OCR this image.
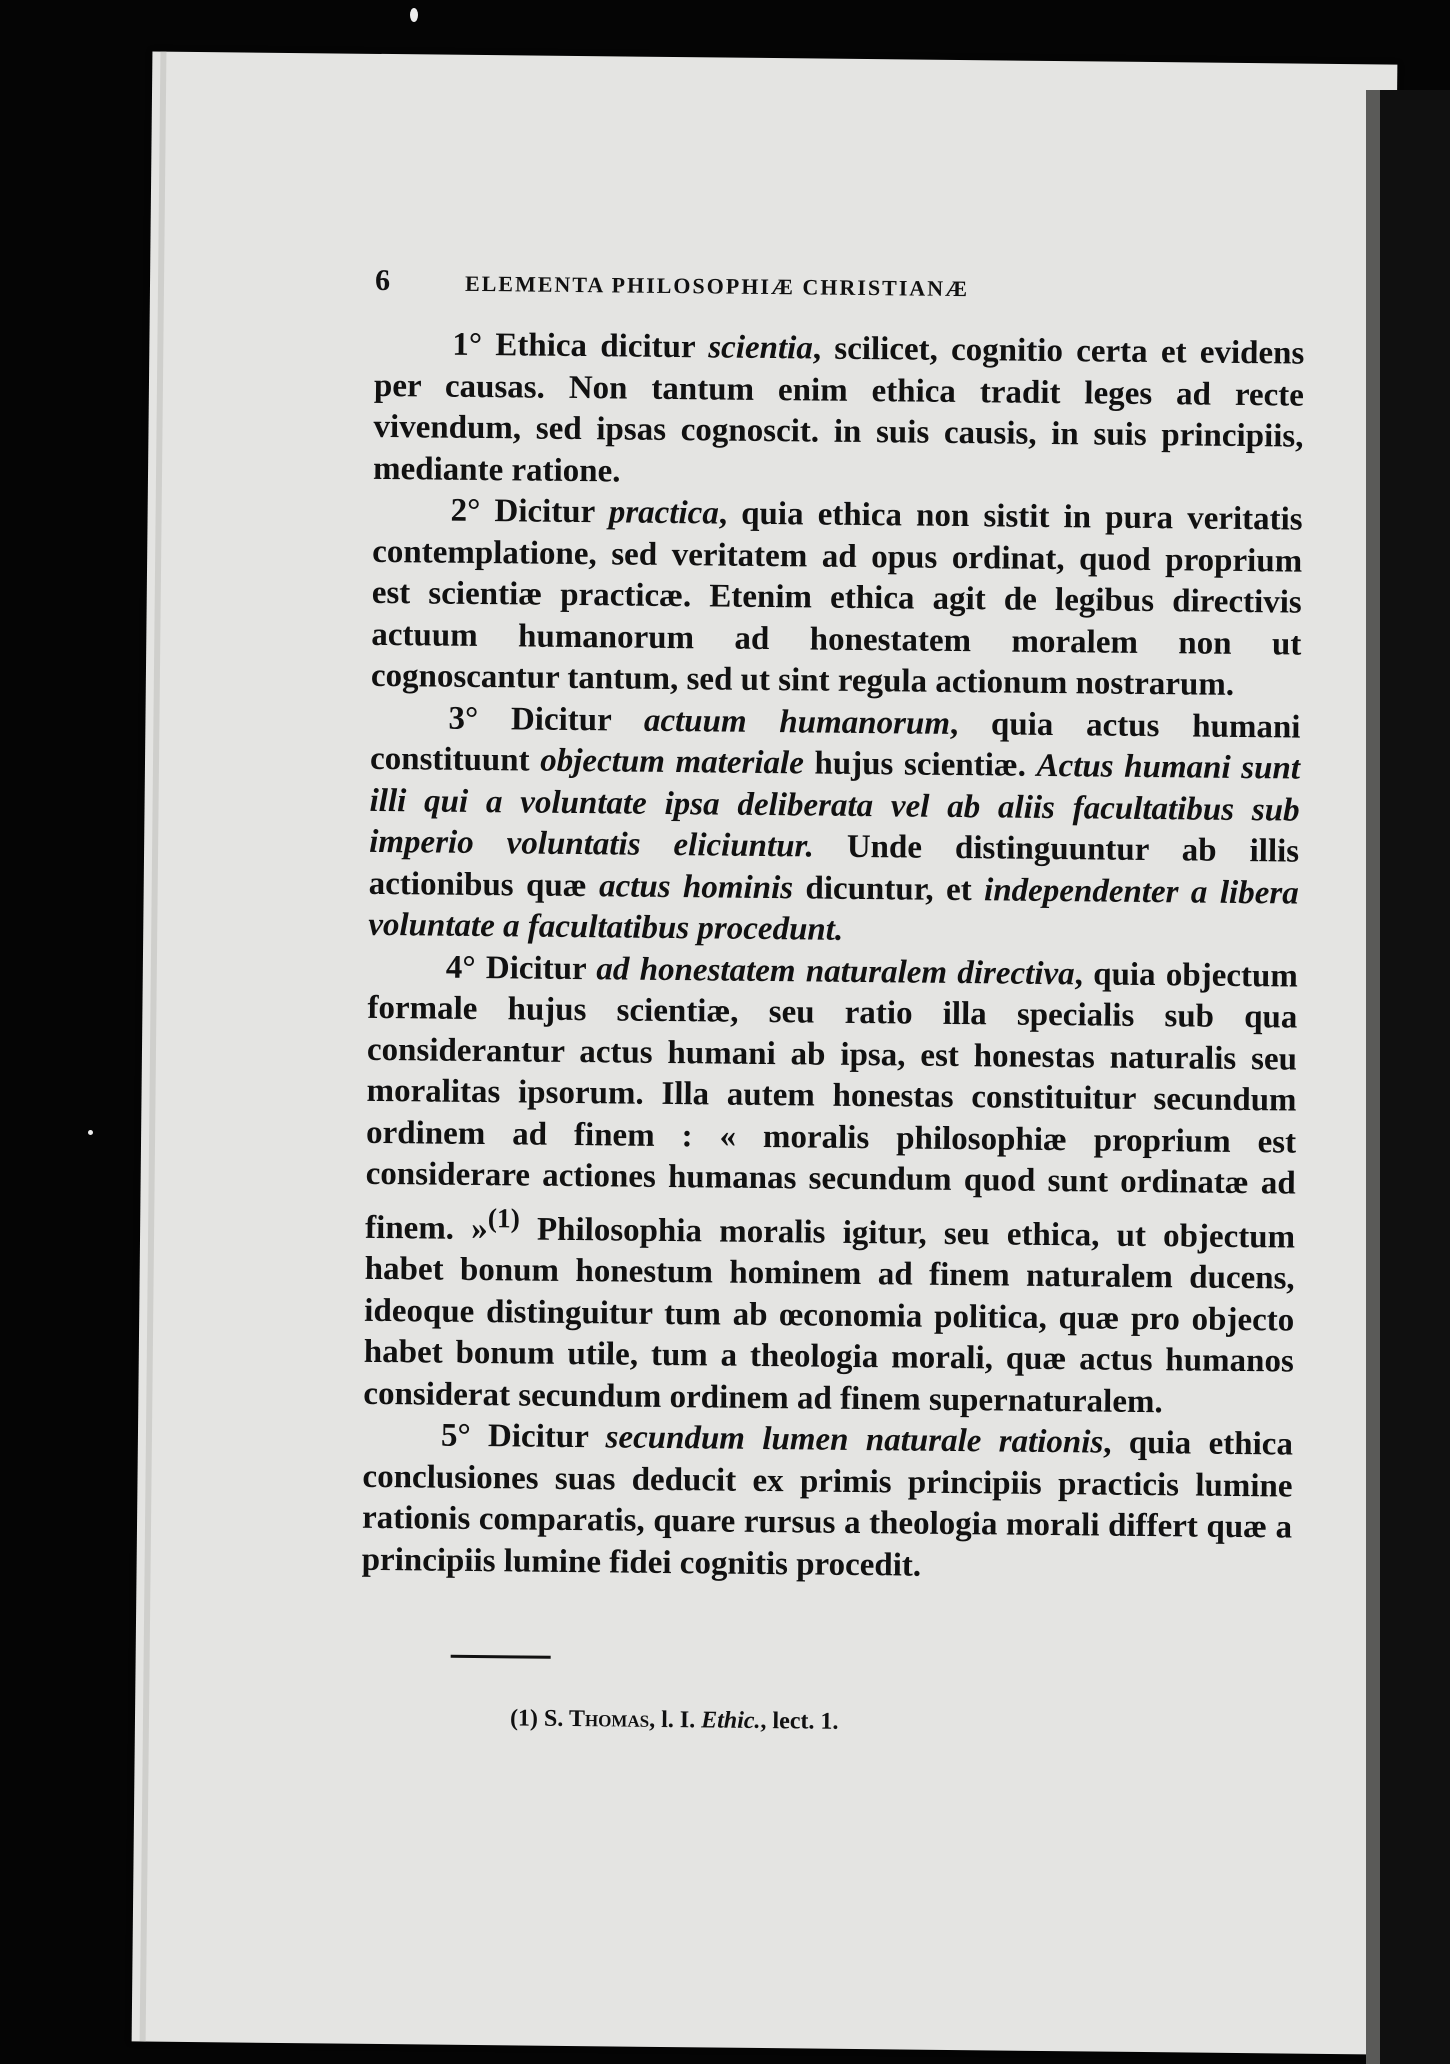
6	ELEMENTA PHILOSOPHIÆ CHRISTIANÆ

1° Ethica dicitur scientia, scilicet, cognitio certa et evidens per causas. Non tantum enim ethica tradit leges ad recte vivendum, sed ipsas cognoscit. in suis causis, in suis principiis, mediante ratione.

2° Dicitur practica, quia ethica non sistit in pura veritatis contemplatione, sed veritatem ad opus ordinat, quod proprium est scientiæ practicæ. Etenim ethica agit de legibus directivis actuum humanorum ad honestatem moralem non ut cognoscantur tantum, sed ut sint regula actionum nostrarum.

3° Dicitur actuum humanorum, quia actus humani constituunt objectum materiale hujus scientiæ. Actus humani sunt illi qui a voluntate ipsa deliberata vel ab aliis facultatibus sub imperio voluntatis eliciuntur. Unde distinguuntur ab illis actionibus quæ actus hominis dicuntur, et independenter a libera voluntate a facultatibus procedunt.

4° Dicitur ad honestatem naturalem directiva, quia objectum formale hujus scientiæ, seu ratio illa specialis sub qua considerantur actus humani ab ipsa, est honestas naturalis seu moralitas ipsorum. Illa autem honestas constituitur secundum ordinem ad finem : « moralis philosophiæ proprium est considerare actiones humanas secundum quod sunt ordinatæ ad finem. »$^{(1)}$ Philosophia moralis igitur, seu ethica, ut objectum habet bonum honestum hominem ad finem naturalem ducens, ideoque distinguitur tum ab œconomia politica, quæ pro objecto habet bonum utile, tum a theologia morali, quæ actus humanos considerat secundum ordinem ad finem supernaturalem.

5° Dicitur secundum lumen naturale rationis, quia ethica conclusiones suas deducit ex primis principiis practicis lumine rationis comparatis, quare rursus a theologia morali differt quæ a principiis lumine fidei cognitis procedit.

(1) S. Thomas, l. I. Ethic., lect. 1.
